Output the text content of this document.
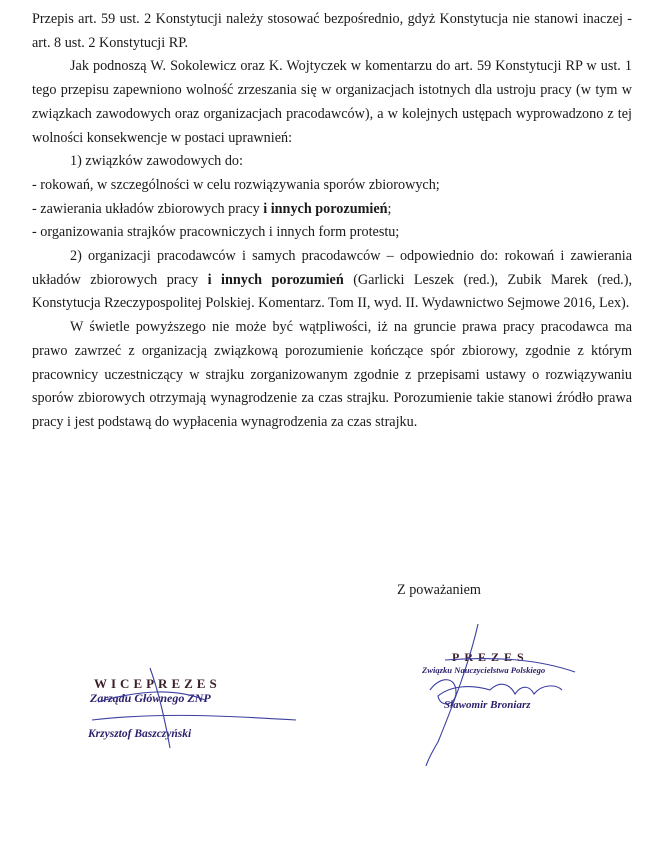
Przepis art. 59 ust. 2 Konstytucji należy stosować bezpośrednio, gdyż Konstytucja nie stanowi inaczej - art. 8 ust. 2 Konstytucji RP.

Jak podnoszą W. Sokolewicz oraz K. Wojtyczek w komentarzu do art. 59 Konstytucji RP w ust. 1 tego przepisu zapewniono wolność zrzeszania się w organizacjach istotnych dla ustroju pracy (w tym w związkach zawodowych oraz organizacjach pracodawców), a w kolejnych ustępach wyprowadzono z tej wolności konsekwencje w postaci uprawnień:

1) związków zawodowych do:

- rokowań, w szczególności w celu rozwiązywania sporów zbiorowych;

- zawierania układów zbiorowych pracy i innych porozumień;

- organizowania strajków pracowniczych i innych form protestu;

2) organizacji pracodawców i samych pracodawców – odpowiednio do: rokowań i zawierania układów zbiorowych pracy i innych porozumień (Garlicki Leszek (red.), Zubik Marek (red.), Konstytucja Rzeczypospolitej Polskiej. Komentarz. Tom II, wyd. II. Wydawnictwo Sejmowe 2016, Lex).

W świetle powyższego nie może być wątpliwości, iż na gruncie prawa pracy pracodawca ma prawo zawrzeć z organizacją związkową porozumienie kończące spór zbiorowy, zgodnie z którym pracownicy uczestniczący w strajku zorganizowanym zgodnie z przepisami ustawy o rozwiązywaniu sporów zbiorowych otrzymają wynagrodzenie za czas strajku. Porozumienie takie stanowi źródło prawa pracy i jest podstawą do wypłacenia wynagrodzenia za czas strajku.

Z poważaniem
WICEPREZES
Zarządu Głównego ZNP
Krzysztof Baszczyński
PREZES
Związku Nauczycielstwa Polskiego
Sławomir Broniarz
